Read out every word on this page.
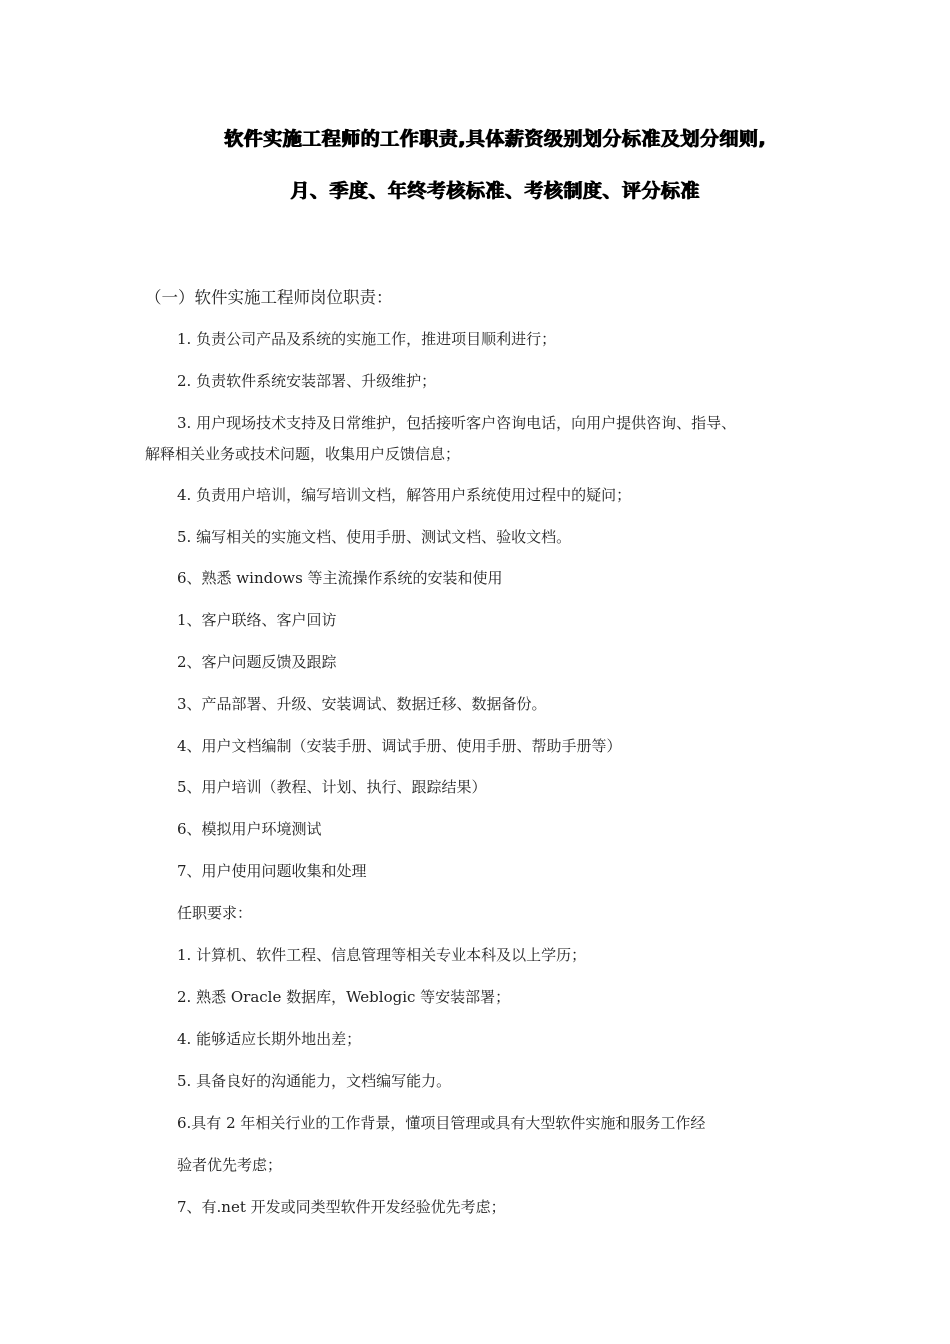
软件实施工程师的工作职责,具体薪资级别划分标准及划分细则,
月、季度、年终考核标准、考核制度、评分标准
（一）软件实施工程师岗位职责：
1. 负责公司产品及系统的实施工作，推进项目顺利进行；
2. 负责软件系统安装部署、升级维护；
3. 用户现场技术支持及日常维护，包括接听客户咨询电话，向用户提供咨询、指导、
解释相关业务或技术问题，收集用户反馈信息；
4. 负责用户培训，编写培训文档，解答用户系统使用过程中的疑问；
5. 编写相关的实施文档、使用手册、测试文档、验收文档。
6、熟悉 windows 等主流操作系统的安装和使用
1、客户联络、客户回访
2、客户问题反馈及跟踪
3、产品部署、升级、安装调试、数据迁移、数据备份。
4、用户文档编制（安装手册、调试手册、使用手册、帮助手册等）
5、用户培训（教程、计划、执行、跟踪结果）
6、模拟用户环境测试
7、用户使用问题收集和处理
任职要求：
1. 计算机、软件工程、信息管理等相关专业本科及以上学历；
2. 熟悉 Oracle 数据库，Weblogic 等安装部署；
4. 能够适应长期外地出差；
5. 具备良好的沟通能力，文档编写能力。
6.具有 2 年相关行业的工作背景，懂项目管理或具有大型软件实施和服务工作经
验者优先考虑；
7、有.net 开发或同类型软件开发经验优先考虑；
